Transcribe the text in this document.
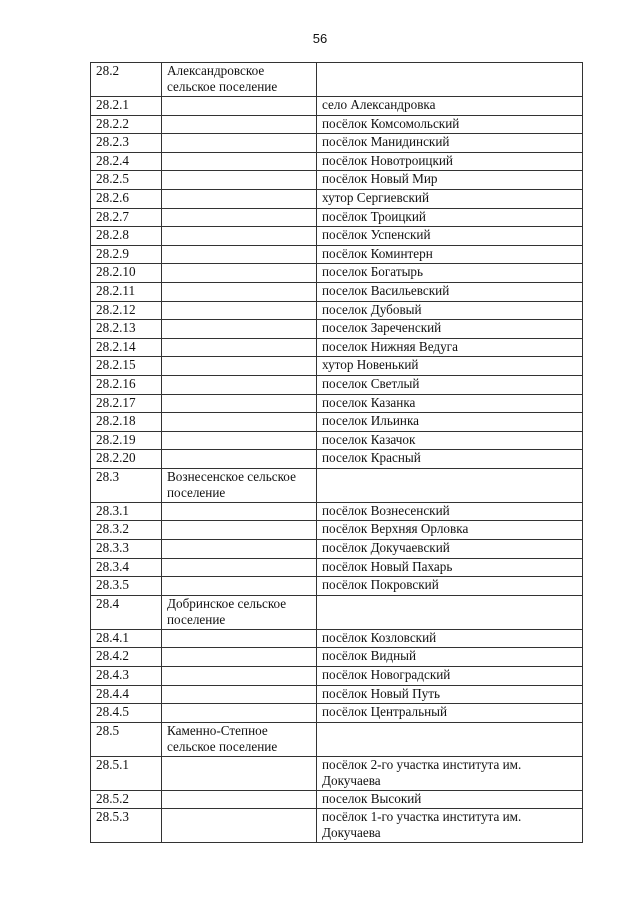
56
28.2	Александровское сельское поселение	
28.2.1		село Александровка
28.2.2		посёлок Комсомольский
28.2.3		посёлок Манидинский
28.2.4		посёлок Новотроицкий
28.2.5		посёлок Новый Мир
28.2.6		хутор Сергиевский
28.2.7		посёлок Троицкий
28.2.8		посёлок Успенский
28.2.9		посёлок Коминтерн
28.2.10		поселок Богатырь
28.2.11		поселок Васильевский
28.2.12		поселок Дубовый
28.2.13		поселок Зареченский
28.2.14		поселок Нижняя Ведуга
28.2.15		хутор Новенький
28.2.16		поселок Светлый
28.2.17		поселок Казанка
28.2.18		поселок Ильинка
28.2.19		поселок Казачок
28.2.20		поселок Красный
28.3	Вознесенское сельское поселение	
28.3.1		посёлок Вознесенский
28.3.2		посёлок Верхняя Орловка
28.3.3		посёлок Докучаевский
28.3.4		посёлок Новый Пахарь
28.3.5		посёлок Покровский
28.4	Добринское сельское поселение	
28.4.1		посёлок Козловский
28.4.2		посёлок Видный
28.4.3		посёлок Новоградский
28.4.4		посёлок Новый Путь
28.4.5		посёлок Центральный
28.5	Каменно-Степное сельское поселение	
28.5.1		посёлок 2-го участка института им. Докучаева
28.5.2		поселок Высокий
28.5.3		посёлок 1-го участка института им. Докучаева
